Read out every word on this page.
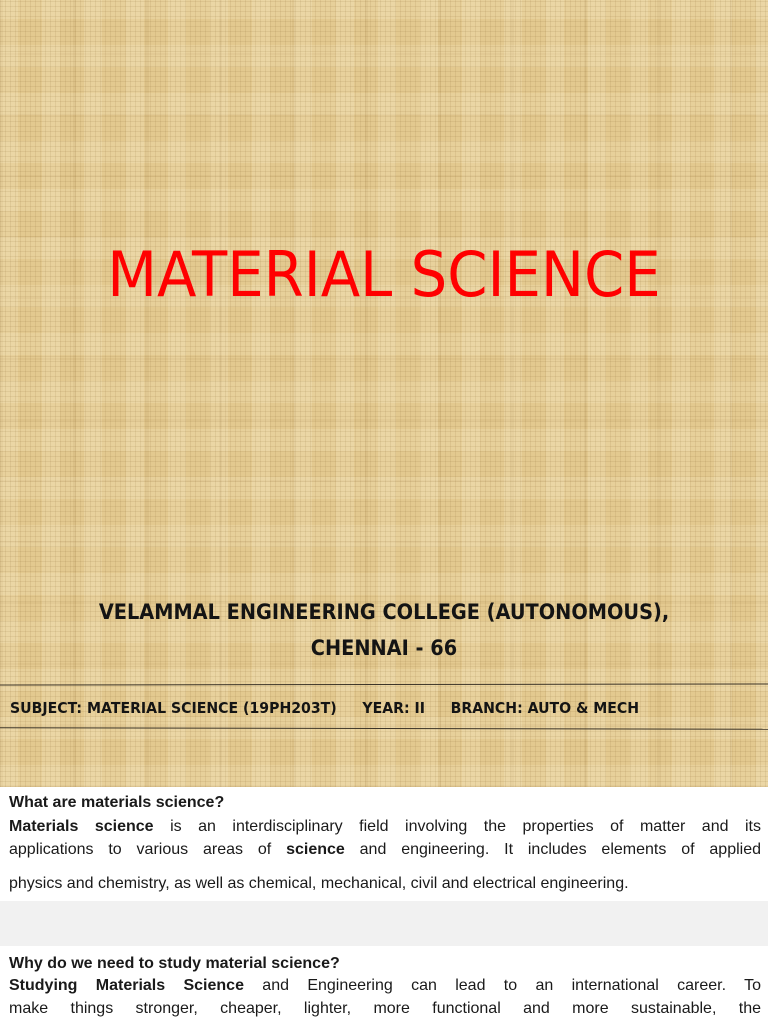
MATERIAL SCIENCE
VELAMMAL ENGINEERING COLLEGE (AUTONOMOUS),
CHENNAI - 66
SUBJECT: MATERIAL SCIENCE (19PH203T) YEAR: II BRANCH: AUTO & MECH
What are materials science?
Materials science is an interdisciplinary field involving the properties of matter and its
applications to various areas of science and engineering. It includes elements of applied
physics and chemistry, as well as chemical, mechanical, civil and electrical engineering.
Why do we need to study material science?
Studying Materials Science and Engineering can lead to an international career. To
make things stronger, cheaper, lighter, more functional and more sustainable, the
